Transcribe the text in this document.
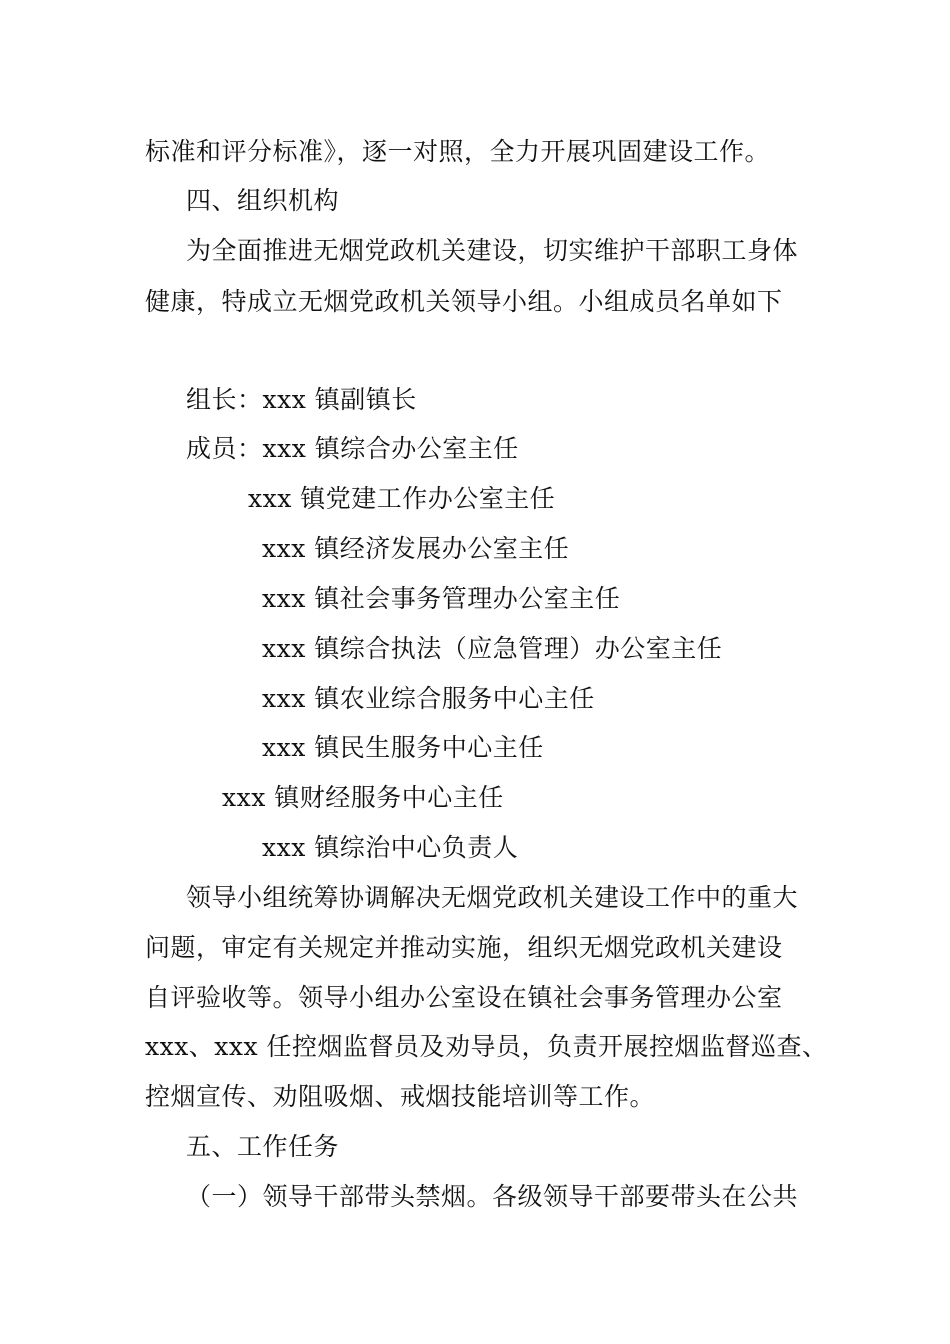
标准和评分标准》，逐一对照，全力开展巩固建设工作。
四、组织机构
为全面推进无烟党政机关建设，切实维护干部职工身体
健康，特成立无烟党政机关领导小组。小组成员名单如下
组长：xxx 镇副镇长
成员：xxx 镇综合办公室主任
xxx 镇党建工作办公室主任
xxx 镇经济发展办公室主任
xxx 镇社会事务管理办公室主任
xxx 镇综合执法（应急管理）办公室主任
xxx 镇农业综合服务中心主任
xxx 镇民生服务中心主任
xxx 镇财经服务中心主任
xxx 镇综治中心负责人
领导小组统筹协调解决无烟党政机关建设工作中的重大
问题，审定有关规定并推动实施，组织无烟党政机关建设
自评验收等。领导小组办公室设在镇社会事务管理办公室
xxx、xxx 任控烟监督员及劝导员，负责开展控烟监督巡查、
控烟宣传、劝阻吸烟、戒烟技能培训等工作。
五、工作任务
（一）领导干部带头禁烟。各级领导干部要带头在公共
